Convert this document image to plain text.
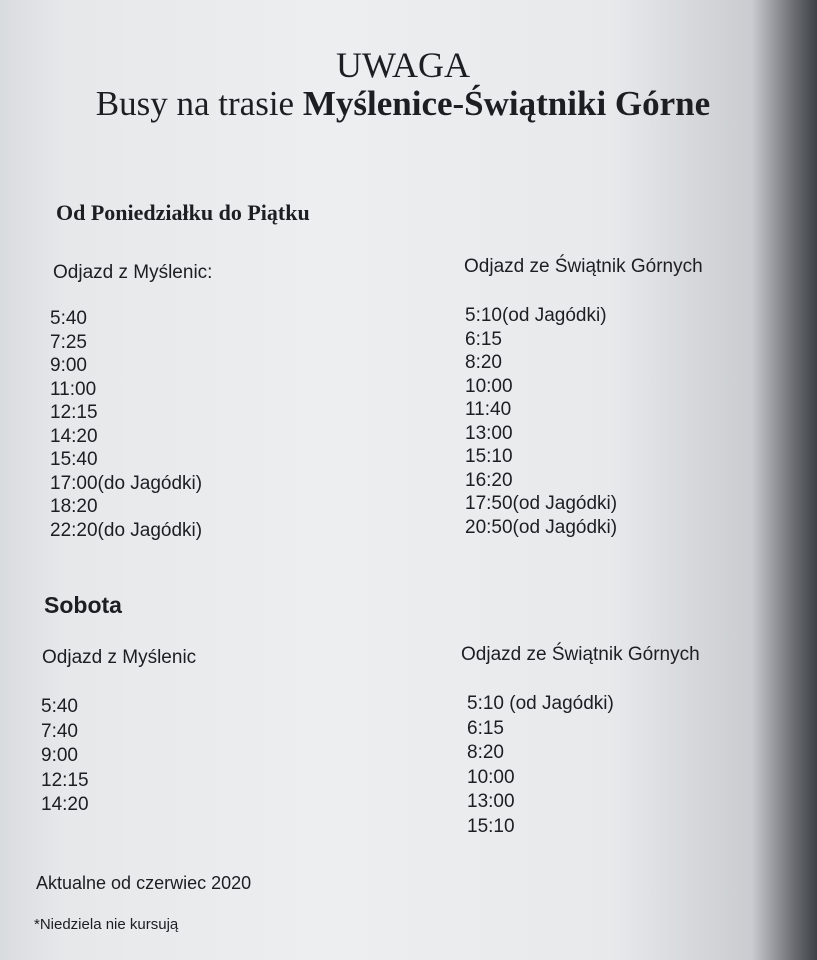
UWAGA
Busy na trasie Myślenice-Świątniki Górne
Od Poniedziałku do Piątku
Odjazd z Myślenic:	Odjazd ze Świątnik Górnych
5:40
7:25
9:00
11:00
12:15
14:20
15:40
17:00(do Jagódki)
18:20
22:20(do Jagódki)
5:10(od Jagódki)
6:15
8:20
10:00
11:40
13:00
15:10
16:20
17:50(od Jagódki)
20:50(od Jagódki)
Sobota
Odjazd z Myślenic	Odjazd ze Świątnik Górnych
5:40
7:40
9:00
12:15
14:20
5:10 (od Jagódki)
6:15
8:20
10:00
13:00
15:10
Aktualne od czerwiec 2020
*Niedziela nie kursują
